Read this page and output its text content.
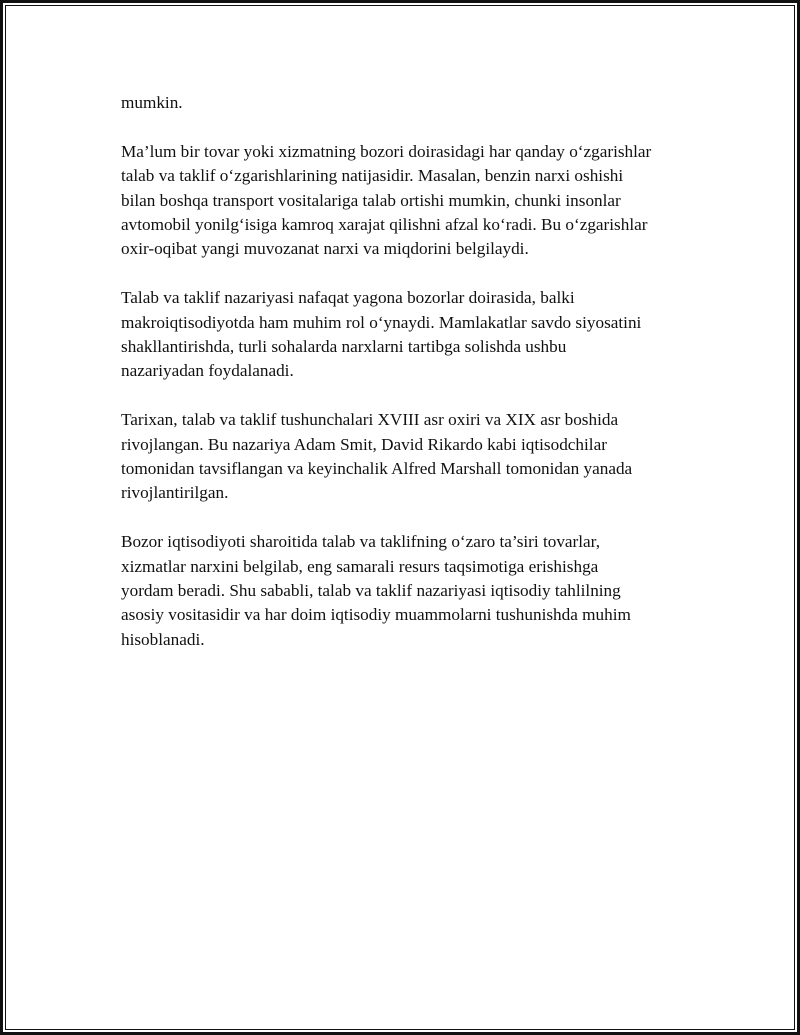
mumkin.

Ma’lum bir tovar yoki xizmatning bozori doirasidagi har qanday o‘zgarishlar
talab va taklif o‘zgarishlarining natijasidir. Masalan, benzin narxi oshishi
bilan boshqa transport vositalariga talab ortishi mumkin, chunki insonlar
avtomobil yonilg‘isiga kamroq xarajat qilishni afzal ko‘radi. Bu o‘zgarishlar
oxir-oqibat yangi muvozanat narxi va miqdorini belgilaydi.

Talab va taklif nazariyasi nafaqat yagona bozorlar doirasida, balki
makroiqtisodiyotda ham muhim rol o‘ynaydi. Mamlakatlar savdo siyosatini
shakllantirishda, turli sohalarda narxlarni tartibga solishda ushbu
nazariyadan foydalanadi.

Tarixan, talab va taklif tushunchalari XVIII asr oxiri va XIX asr boshida
rivojlangan. Bu nazariya Adam Smit, David Rikardo kabi iqtisodchilar
tomonidan tavsiflangan va keyinchalik Alfred Marshall tomonidan yanada
rivojlantirilgan.

Bozor iqtisodiyoti sharoitida talab va taklifning o‘zaro ta’siri tovarlar,
xizmatlar narxini belgilab, eng samarali resurs taqsimotiga erishishga
yordam beradi. Shu sababli, talab va taklif nazariyasi iqtisodiy tahlilning
asosiy vositasidir va har doim iqtisodiy muammolarni tushunishda muhim
hisoblanadi.
